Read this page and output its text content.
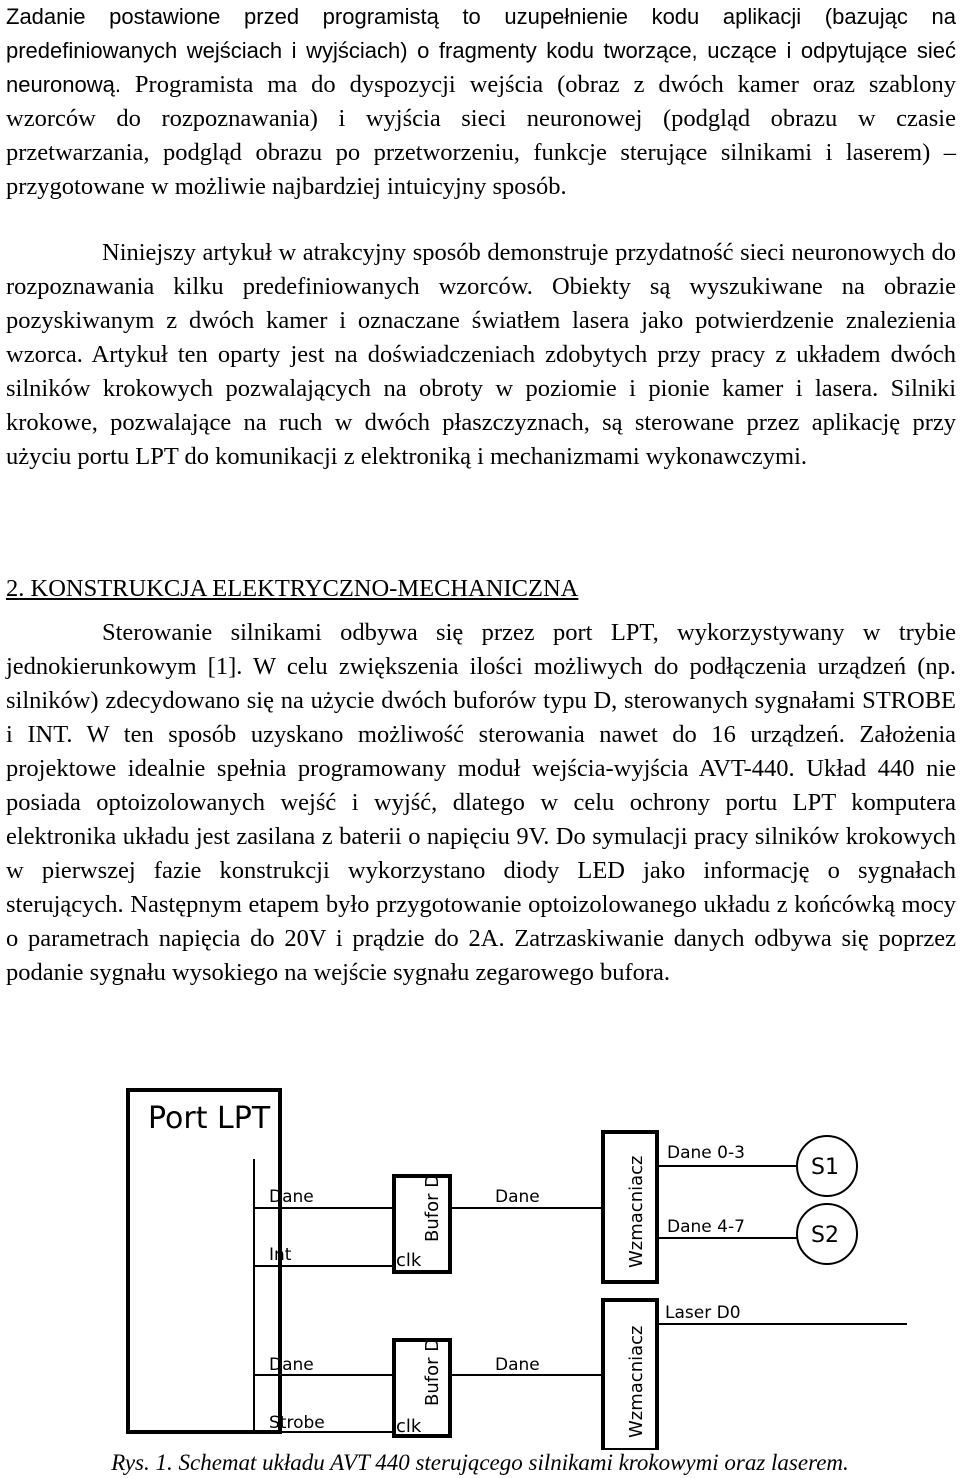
Zadanie postawione przed programistą to uzupełnienie kodu aplikacji (bazując na predefiniowanych wejściach i wyjściach) o fragmenty kodu tworzące, uczące i odpytujące sieć neuronową. Programista ma do dyspozycji wejścia (obraz z dwóch kamer oraz szablony wzorców do rozpoznawania) i wyjścia sieci neuronowej (podgląd obrazu w czasie przetwarzania, podgląd obrazu po przetworzeniu, funkcje sterujące silnikami i laserem) – przygotowane w możliwie najbardziej intuicyjny sposób.

Niniejszy artykuł w atrakcyjny sposób demonstruje przydatność sieci neuronowych do rozpoznawania kilku predefiniowanych wzorców. Obiekty są wyszukiwane na obrazie pozyskiwanym z dwóch kamer i oznaczane światłem lasera jako potwierdzenie znalezienia wzorca. Artykuł ten oparty jest na doświadczeniach zdobytych przy pracy z układem dwóch silników krokowych pozwalających na obroty w poziomie i pionie kamer i lasera. Silniki krokowe, pozwalające na ruch w dwóch płaszczyznach, są sterowane przez aplikację przy użyciu portu LPT do komunikacji z elektroniką i mechanizmami wykonawczymi.

2. KONSTRUKCJA ELEKTRYCZNO-MECHANICZNA

Sterowanie silnikami odbywa się przez port LPT, wykorzystywany w trybie jednokierunkowym [1]. W celu zwiększenia ilości możliwych do podłączenia urządzeń (np. silników) zdecydowano się na użycie dwóch buforów typu D, sterowanych sygnałami STROBE i INT. W ten sposób uzyskano możliwość sterowania nawet do 16 urządzeń. Założenia projektowe idealnie spełnia programowany moduł wejścia-wyjścia AVT-440. Układ 440 nie posiada optoizolowanych wejść i wyjść, dlatego w celu ochrony portu LPT komputera elektronika układu jest zasilana z baterii o napięciu 9V. Do symulacji pracy silników krokowych w pierwszej fazie konstrukcji wykorzystano diody LED jako informację o sygnałach sterujących. Następnym etapem było przygotowanie optoizolowanego układu z końcówką mocy o parametrach napięcia do 20V i prądzie do 2A. Zatrzaskiwanie danych odbywa się poprzez podanie sygnału wysokiego na wejście sygnału zegarowego bufora.

Port LPT
Bufor D
clk
Bufor D
clk
Wzmacniacz
Wzmacniacz
Dane
Int
Dane
Dane 0-3
Dane 4-7
Dane
Strobe
Dane
Laser D0
S1
S2

Rys. 1. Schemat układu AVT 440 sterującego silnikami krokowymi oraz laserem.
